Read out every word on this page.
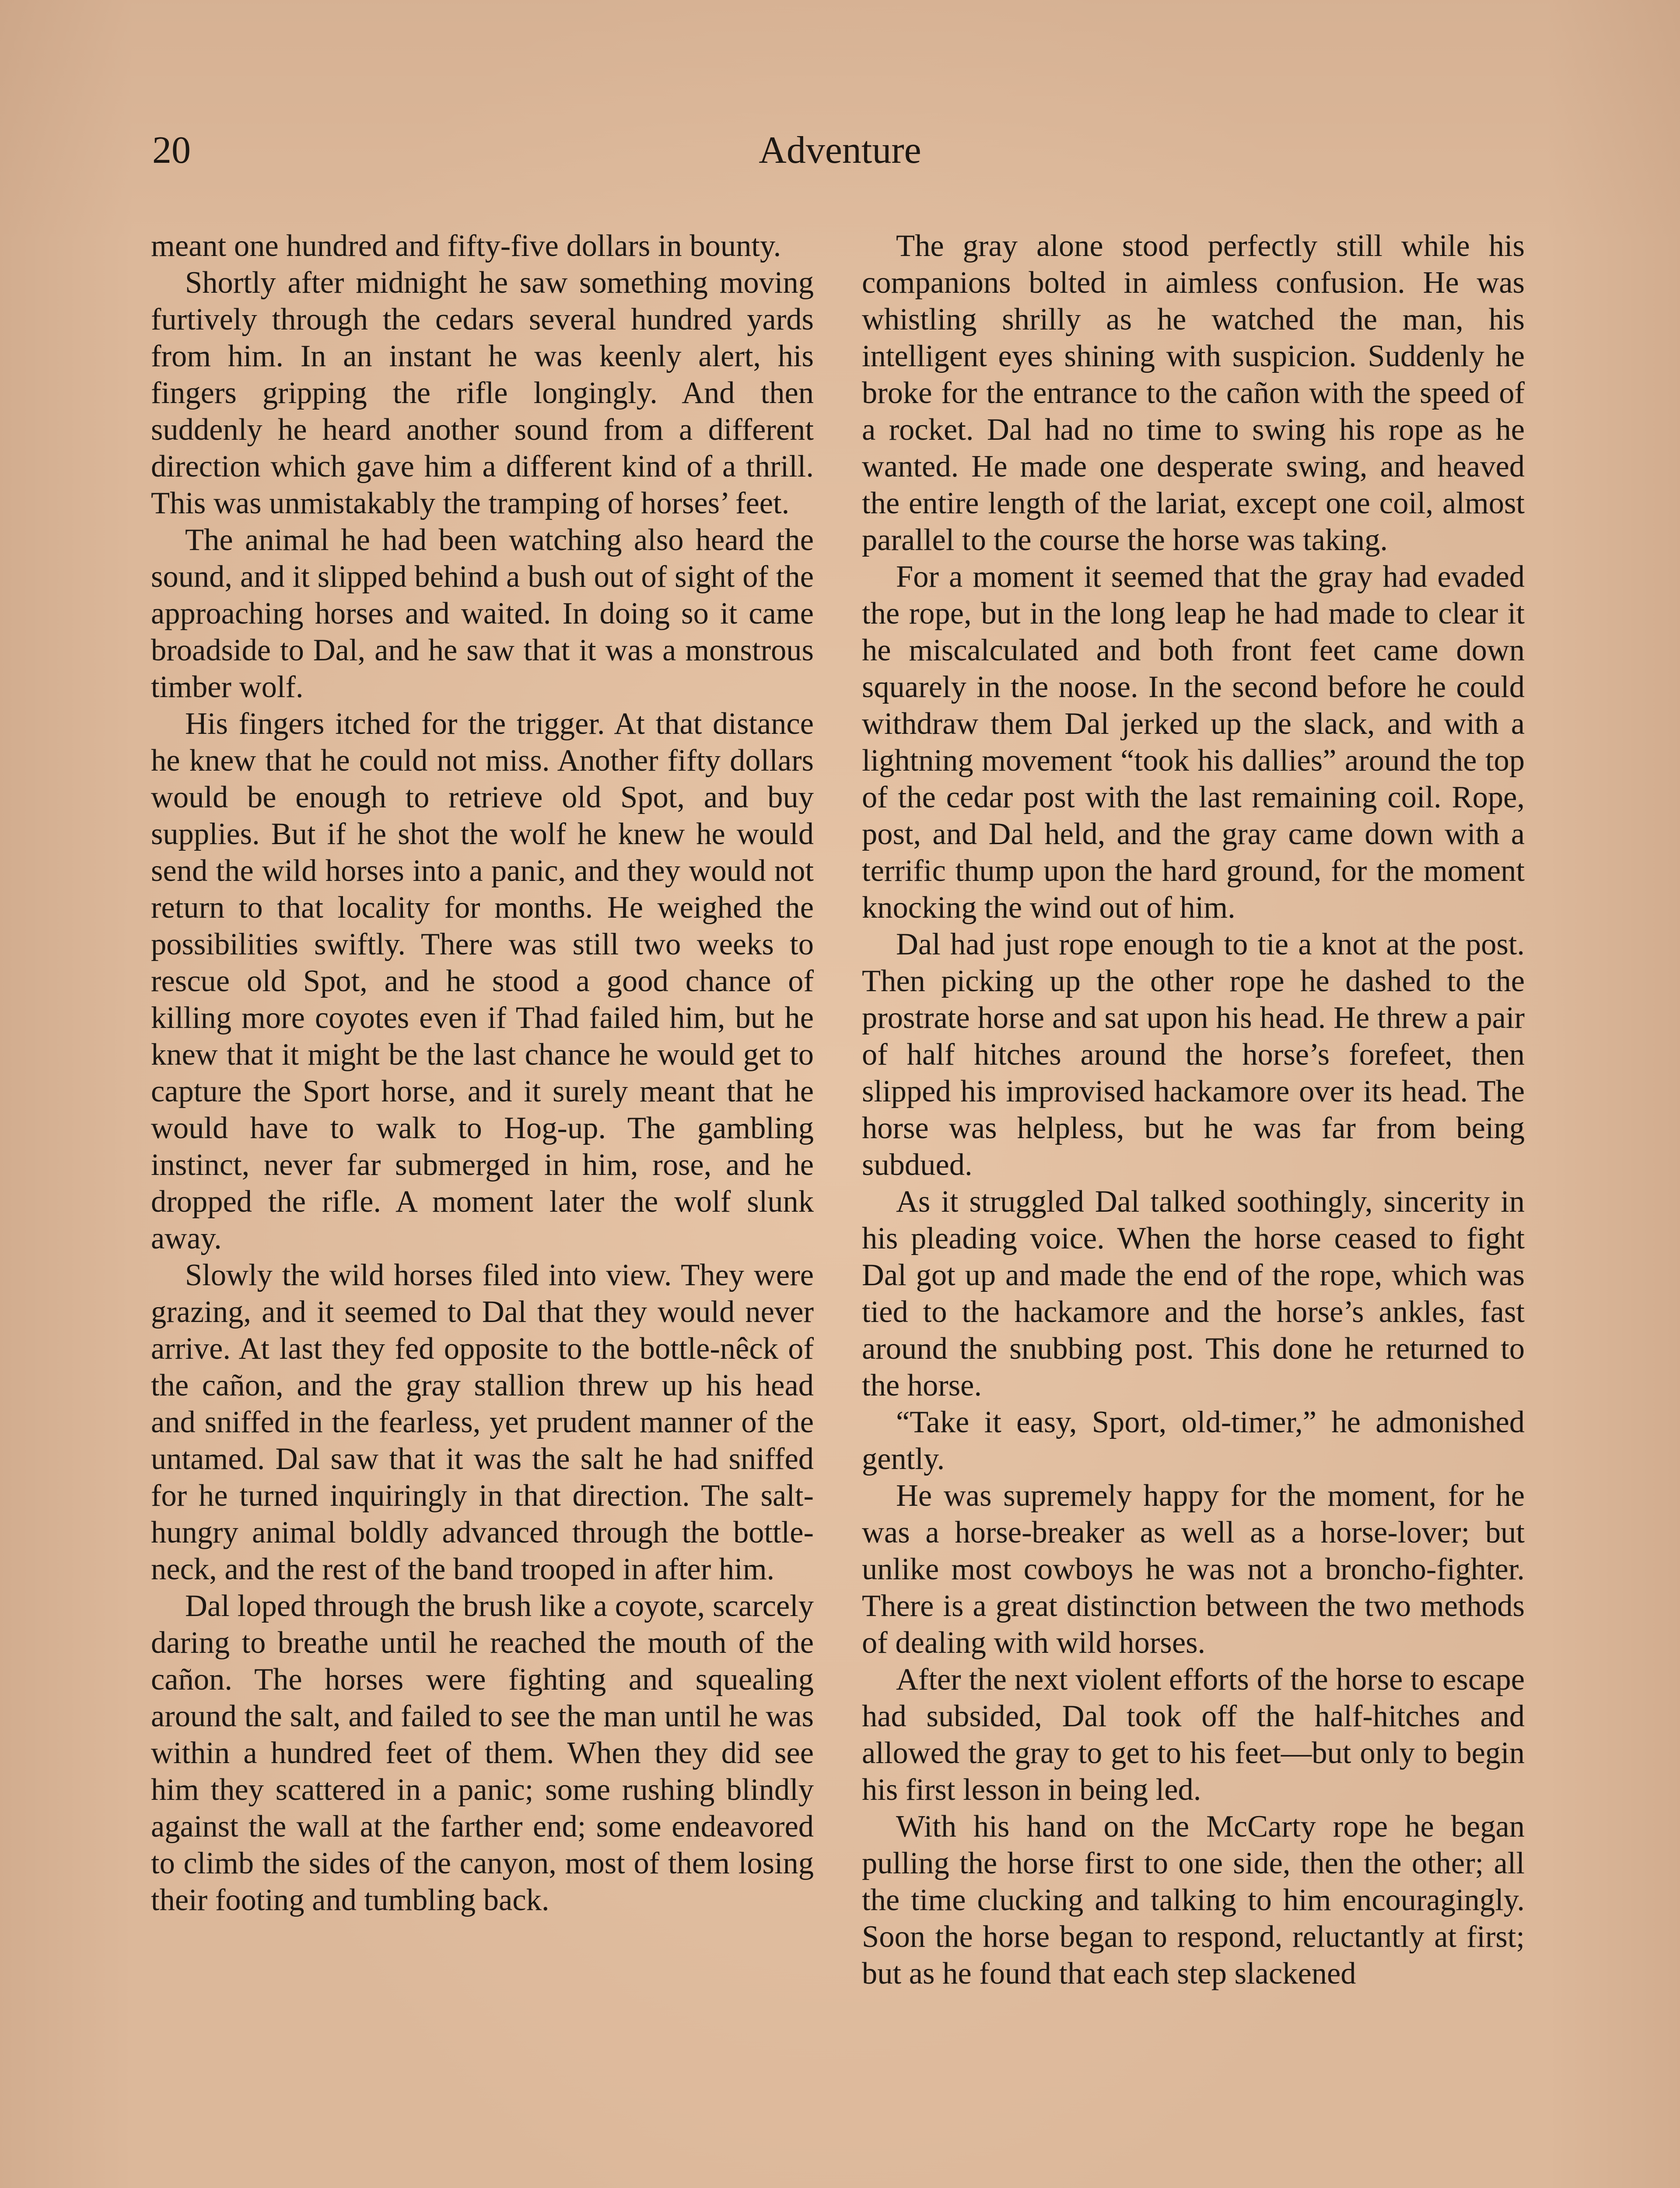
20	Adventure

meant one hundred and fifty-five dollars in bounty.

Shortly after midnight he saw something moving furtively through the cedars several hundred yards from him. In an instant he was keenly alert, his fingers gripping the rifle longingly. And then suddenly he heard another sound from a different direction which gave him a different kind of a thrill. This was unmistakably the tramping of horses’ feet.

The animal he had been watching also heard the sound, and it slipped behind a bush out of sight of the approaching horses and waited. In doing so it came broadside to Dal, and he saw that it was a monstrous timber wolf.

His fingers itched for the trigger. At that distance he knew that he could not miss. Another fifty dollars would be enough to retrieve old Spot, and buy supplies. But if he shot the wolf he knew he would send the wild horses into a panic, and they would not return to that locality for months. He weighed the possibilities swiftly. There was still two weeks to rescue old Spot, and he stood a good chance of killing more coyotes even if Thad failed him, but he knew that it might be the last chance he would get to capture the Sport horse, and it surely meant that he would have to walk to Hog-up. The gambling instinct, never far submerged in him, rose, and he dropped the rifle. A moment later the wolf slunk away.

Slowly the wild horses filed into view. They were grazing, and it seemed to Dal that they would never arrive. At last they fed opposite to the bottle-nêck of the cañon, and the gray stallion threw up his head and sniffed in the fearless, yet prudent manner of the untamed. Dal saw that it was the salt he had sniffed for he turned inquiringly in that direction. The salt-hungry animal boldly advanced through the bottle-neck, and the rest of the band trooped in after him.

Dal loped through the brush like a coyote, scarcely daring to breathe until he reached the mouth of the cañon. The horses were fighting and squealing around the salt, and failed to see the man until he was within a hundred feet of them. When they did see him they scattered in a panic; some rushing blindly against the wall at the farther end; some endeavored to climb the sides of the canyon, most of them losing their footing and tumbling back.

The gray alone stood perfectly still while his companions bolted in aimless confusion. He was whistling shrilly as he watched the man, his intelligent eyes shining with suspicion. Suddenly he broke for the entrance to the cañon with the speed of a rocket. Dal had no time to swing his rope as he wanted. He made one desperate swing, and heaved the entire length of the lariat, except one coil, almost parallel to the course the horse was taking.

For a moment it seemed that the gray had evaded the rope, but in the long leap he had made to clear it he miscalculated and both front feet came down squarely in the noose. In the second before he could withdraw them Dal jerked up the slack, and with a lightning movement “took his dallies” around the top of the cedar post with the last remaining coil. Rope, post, and Dal held, and the gray came down with a terrific thump upon the hard ground, for the moment knocking the wind out of him.

Dal had just rope enough to tie a knot at the post. Then picking up the other rope he dashed to the prostrate horse and sat upon his head. He threw a pair of half hitches around the horse’s forefeet, then slipped his improvised hackamore over its head. The horse was helpless, but he was far from being subdued.

As it struggled Dal talked soothingly, sincerity in his pleading voice. When the horse ceased to fight Dal got up and made the end of the rope, which was tied to the hackamore and the horse’s ankles, fast around the snubbing post. This done he returned to the horse.

“Take it easy, Sport, old-timer,” he admonished gently.

He was supremely happy for the moment, for he was a horse-breaker as well as a horse-lover; but unlike most cowboys he was not a broncho-fighter. There is a great distinction between the two methods of dealing with wild horses.

After the next violent efforts of the horse to escape had subsided, Dal took off the half-hitches and allowed the gray to get to his feet—but only to begin his first lesson in being led.

With his hand on the McCarty rope he began pulling the horse first to one side, then the other; all the time clucking and talking to him encouragingly. Soon the horse began to respond, reluctantly at first; but as he found that each step slackened
